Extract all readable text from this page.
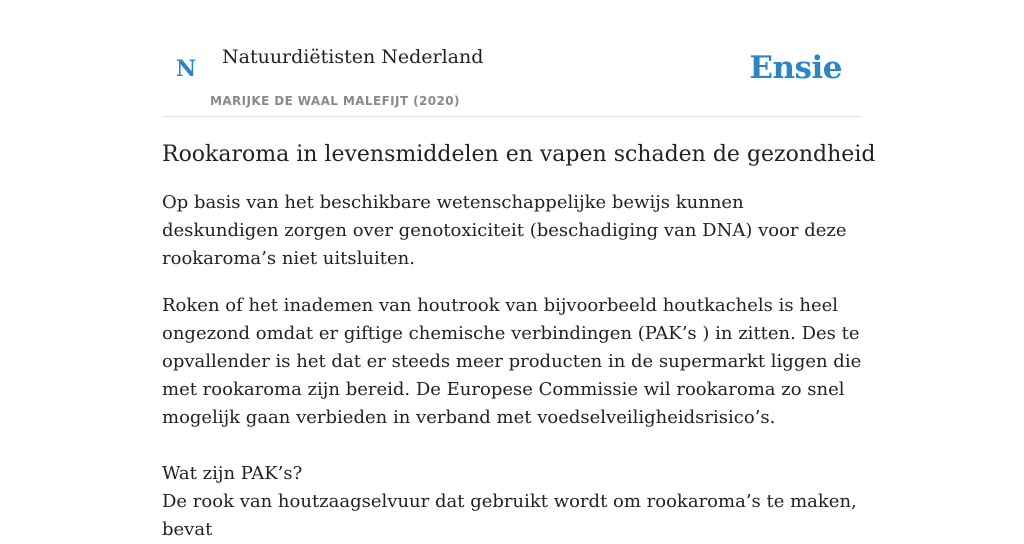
N Natuurdiëtisten Nederland
MARIJKE DE WAAL MALEFIJT (2020)
Ensie
Rookaroma in levensmiddelen en vapen schaden de gezondheid

Op basis van het beschikbare wetenschappelijke bewijs kunnen deskundigen zorgen over genotoxiciteit (beschadiging van DNA) voor deze rookaroma’s niet uitsluiten.

Roken of het inademen van houtrook van bijvoorbeeld houtkachels is heel ongezond omdat er giftige chemische verbindingen (PAK’s ) in zitten. Des te opvallender is het dat er steeds meer producten in de supermarkt liggen die met rookaroma zijn bereid. De Europese Commissie wil rookaroma zo snel mogelijk gaan verbieden in verband met voedselveiligheidsrisico’s.

Wat zijn PAK’s?

De rook van houtzaagselvuur dat gebruikt wordt om rookaroma’s te maken, bevat
